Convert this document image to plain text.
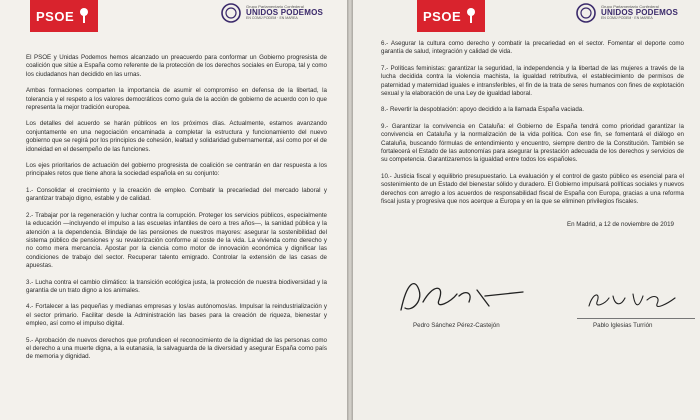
PSOE
Grupo Parlamentario Confederal
UNIDOS PODEMOS
EN COMÚ PODEM · EN MAREA

El PSOE y Unidas Podemos hemos alcanzado un preacuerdo para conformar un Gobierno progresista de coalición que sitúe a España como referente de la protección de los derechos sociales en Europa, tal y como los ciudadanos han decidido en las urnas.

Ambas formaciones comparten la importancia de asumir el compromiso en defensa de la libertad, la tolerancia y el respeto a los valores democráticos como guía de la acción de gobierno de acuerdo con lo que representa la mejor tradición europea.

Los detalles del acuerdo se harán públicos en los próximos días. Actualmente, estamos avanzando conjuntamente en una negociación encaminada a completar la estructura y funcionamiento del nuevo gobierno que se regirá por los principios de cohesión, lealtad y solidaridad gubernamental, así como por el de idoneidad en el desempeño de las funciones.

Los ejes prioritarios de actuación del gobierno progresista de coalición se centrarán en dar respuesta a los principales retos que tiene ahora la sociedad española en su conjunto:

1.- Consolidar el crecimiento y la creación de empleo. Combatir la precariedad del mercado laboral y garantizar trabajo digno, estable y de calidad.

2.- Trabajar por la regeneración y luchar contra la corrupción. Proteger los servicios públicos, especialmente la educación —incluyendo el impulso a las escuelas infantiles de cero a tres años—, la sanidad pública y la atención a la dependencia. Blindaje de las pensiones de nuestros mayores: asegurar la sostenibilidad del sistema público de pensiones y su revalorización conforme al coste de la vida. La vivienda como derecho y no como mera mercancía. Apostar por la ciencia como motor de innovación económica y dignificar las condiciones de trabajo del sector. Recuperar talento emigrado. Controlar la extensión de las casas de apuestas.

3.- Lucha contra el cambio climático: la transición ecológica justa, la protección de nuestra biodiversidad y la garantía de un trato digno a los animales.

4.- Fortalecer a las pequeñas y medianas empresas y los/as autónomos/as. Impulsar la reindustrialización y el sector primario. Facilitar desde la Administración las bases para la creación de riqueza, bienestar y empleo, así como el impulso digital.

5.- Aprobación de nuevos derechos que profundicen el reconocimiento de la dignidad de las personas como el derecho a una muerte digna, a la eutanasia, la salvaguarda de la diversidad y asegurar España como país de memoria y dignidad.

PSOE
Grupo Parlamentario Confederal
UNIDOS PODEMOS
EN COMÚ PODEM · EN MAREA

6.- Asegurar la cultura como derecho y combatir la precariedad en el sector. Fomentar el deporte como garantía de salud, integración y calidad de vida.

7.- Políticas feministas: garantizar la seguridad, la independencia y la libertad de las mujeres a través de la lucha decidida contra la violencia machista, la igualdad retributiva, el establecimiento de permisos de paternidad y maternidad iguales e intransferibles, el fin de la trata de seres humanos con fines de explotación sexual y la elaboración de una Ley de igualdad laboral.

8.- Revertir la despoblación: apoyo decidido a la llamada España vaciada.

9.- Garantizar la convivencia en Cataluña: el Gobierno de España tendrá como prioridad garantizar la convivencia en Cataluña y la normalización de la vida política. Con ese fin, se fomentará el diálogo en Cataluña, buscando fórmulas de entendimiento y encuentro, siempre dentro de la Constitución. También se fortalecerá el Estado de las autonomías para asegurar la prestación adecuada de los derechos y servicios de su competencia. Garantizaremos la igualdad entre todos los españoles.

10.- Justicia fiscal y equilibrio presupuestario. La evaluación y el control de gasto público es esencial para el sostenimiento de un Estado del bienestar sólido y duradero. El Gobierno impulsará políticas sociales y nuevos derechos con arreglo a los acuerdos de responsabilidad fiscal de España con Europa, gracias a una reforma fiscal justa y progresiva que nos acerque a Europa y en la que se eliminen privilegios fiscales.

En Madrid, a 12 de noviembre de 2019
Pedro Sánchez Pérez-Castejón	Pablo Iglesias Turrión
